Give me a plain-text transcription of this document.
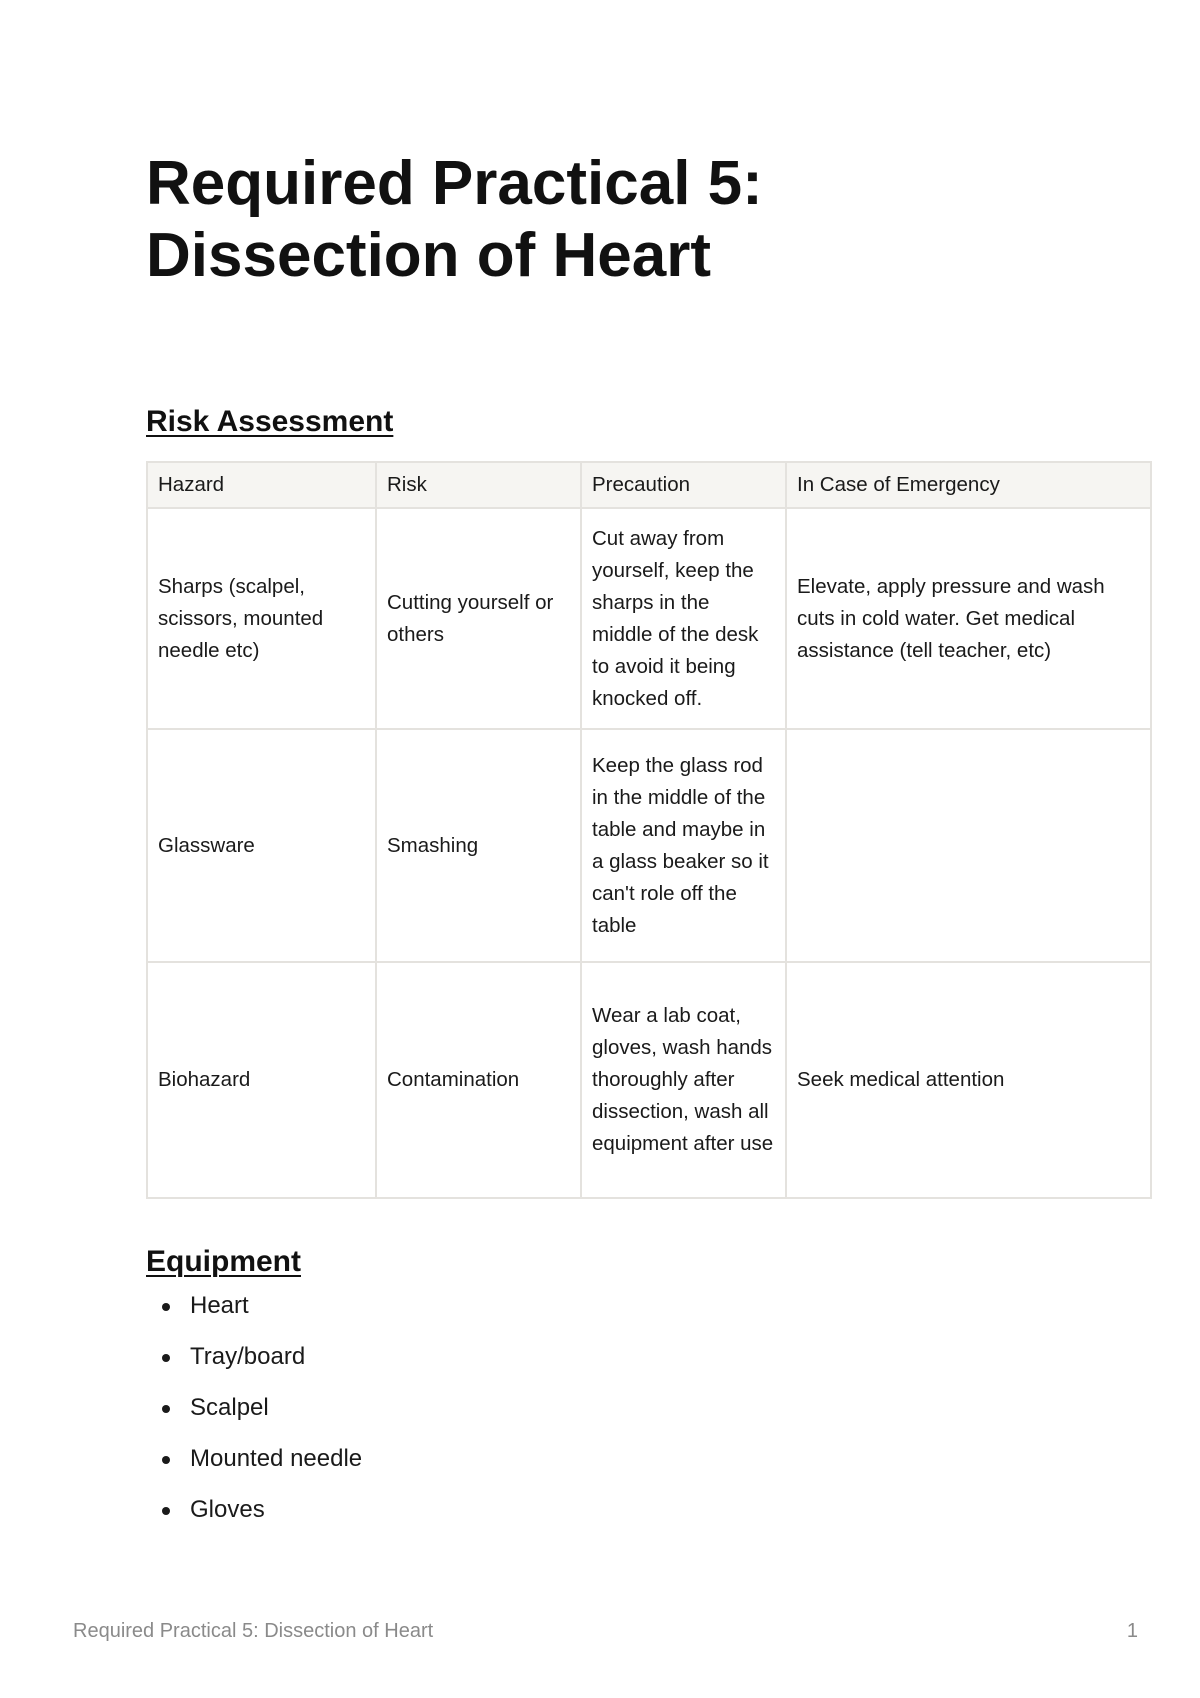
Required Practical 5: Dissection of Heart
Risk Assessment
Hazard	Risk	Precaution	In Case of Emergency
Sharps (scalpel, scissors, mounted needle etc)	Cutting yourself or others	Cut away from yourself, keep the sharps in the middle of the desk to avoid it being knocked off.	Elevate, apply pressure and wash cuts in cold water. Get medical assistance (tell teacher, etc)
Glassware	Smashing	Keep the glass rod in the middle of the table and maybe in a glass beaker so it can't role off the table	
Biohazard	Contamination	Wear a lab coat, gloves, wash hands thoroughly after dissection, wash all equipment after use	Seek medical attention
Equipment
Heart
Tray/board
Scalpel
Mounted needle
Gloves
Required Practical 5: Dissection of Heart	1
